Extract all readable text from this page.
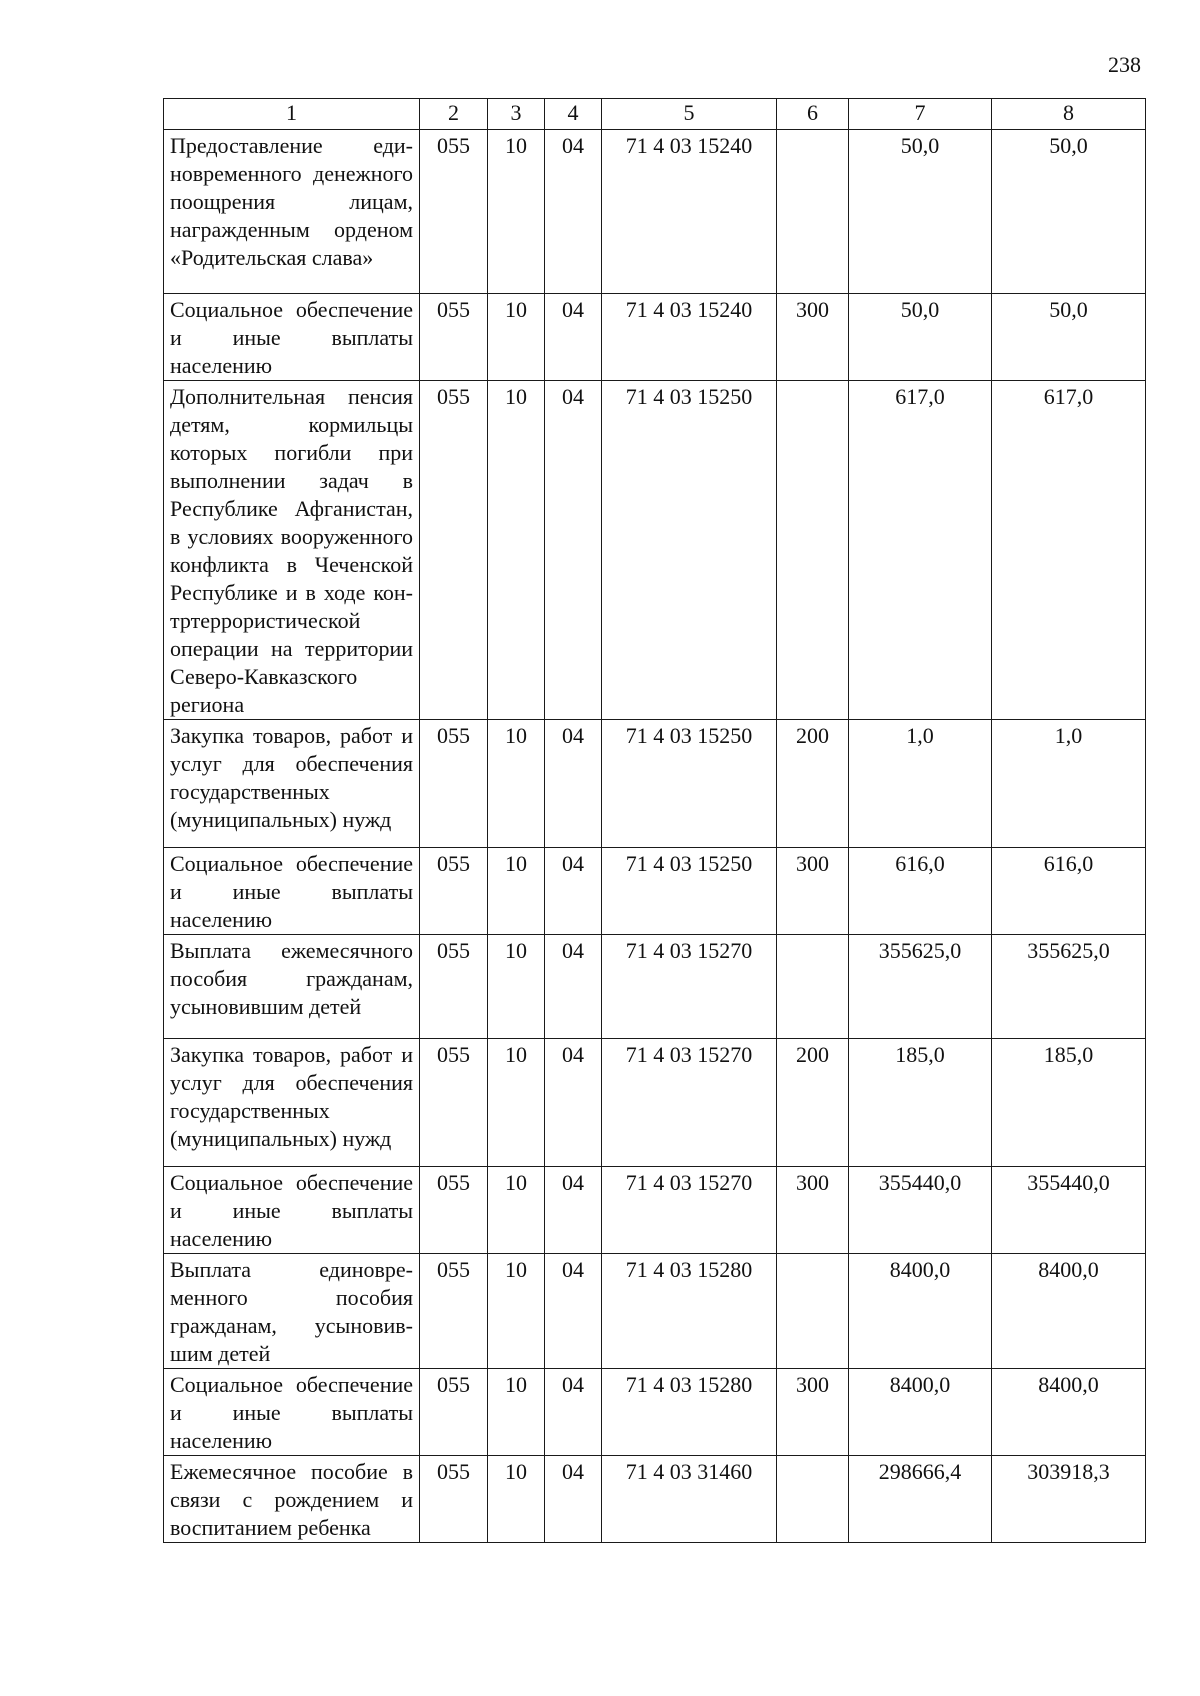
238
1	2	3	4	5	6	7	8
Предоставление единовременного денежного поощрения лицам, награжденным орденом «Родительская слава»	055	10	04	71 4 03 15240		50,0	50,0
Социальное обеспечение и иные выплаты населению	055	10	04	71 4 03 15240	300	50,0	50,0
Дополнительная пенсия детям, кормильцы которых погибли при выполнении задач в Республике Афганистан, в условиях вооруженного конфликта в Чеченской Республике и в ходе контртеррористической операции на территории Северо-Кавказского региона	055	10	04	71 4 03 15250		617,0	617,0
Закупка товаров, работ и услуг для обеспечения государственных (муниципальных) нужд	055	10	04	71 4 03 15250	200	1,0	1,0
Социальное обеспечение и иные выплаты населению	055	10	04	71 4 03 15250	300	616,0	616,0
Выплата ежемесячного пособия гражданам, усыновившим детей	055	10	04	71 4 03 15270		355625,0	355625,0
Закупка товаров, работ и услуг для обеспечения государственных (муниципальных) нужд	055	10	04	71 4 03 15270	200	185,0	185,0
Социальное обеспечение и иные выплаты населению	055	10	04	71 4 03 15270	300	355440,0	355440,0
Выплата единовременного пособия гражданам, усыновившим детей	055	10	04	71 4 03 15280		8400,0	8400,0
Социальное обеспечение и иные выплаты населению	055	10	04	71 4 03 15280	300	8400,0	8400,0
Ежемесячное пособие в связи с рождением и воспитанием ребенка	055	10	04	71 4 03 31460		298666,4	303918,3
